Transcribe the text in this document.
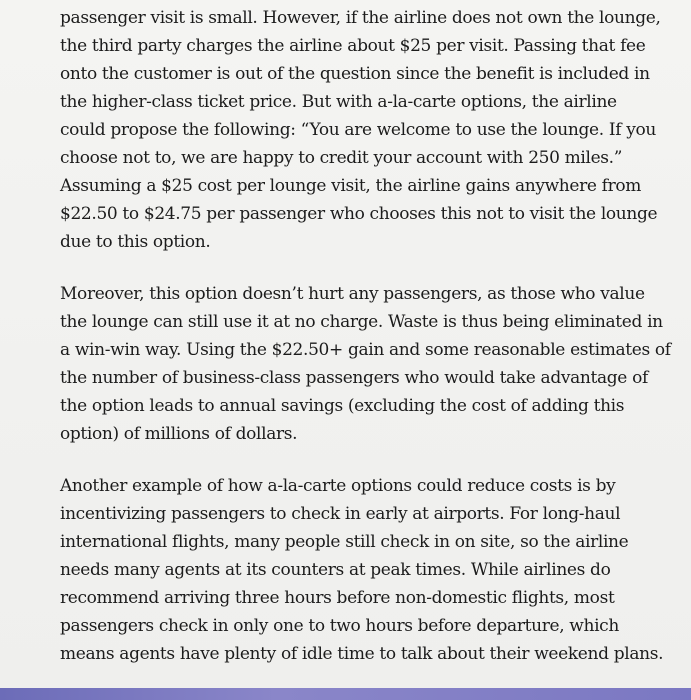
passenger visit is small. However, if the airline does not own the lounge,
the third party charges the airline about $25 per visit. Passing that fee
onto the customer is out of the question since the benefit is included in
the higher-class ticket price. But with a-la-carte options, the airline
could propose the following: “You are welcome to use the lounge. If you
choose not to, we are happy to credit your account with 250 miles.”
Assuming a $25 cost per lounge visit, the airline gains anywhere from
$22.50 to $24.75 per passenger who chooses this not to visit the lounge
due to this option.

Moreover, this option doesn’t hurt any passengers, as those who value
the lounge can still use it at no charge. Waste is thus being eliminated in
a win-win way. Using the $22.50+ gain and some reasonable estimates of
the number of business-class passengers who would take advantage of
the option leads to annual savings (excluding the cost of adding this
option) of millions of dollars.

Another example of how a-la-carte options could reduce costs is by
incentivizing passengers to check in early at airports. For long-haul
international flights, many people still check in on site, so the airline
needs many agents at its counters at peak times. While airlines do
recommend arriving three hours before non-domestic flights, most
passengers check in only one to two hours before departure, which
means agents have plenty of idle time to talk about their weekend plans.
